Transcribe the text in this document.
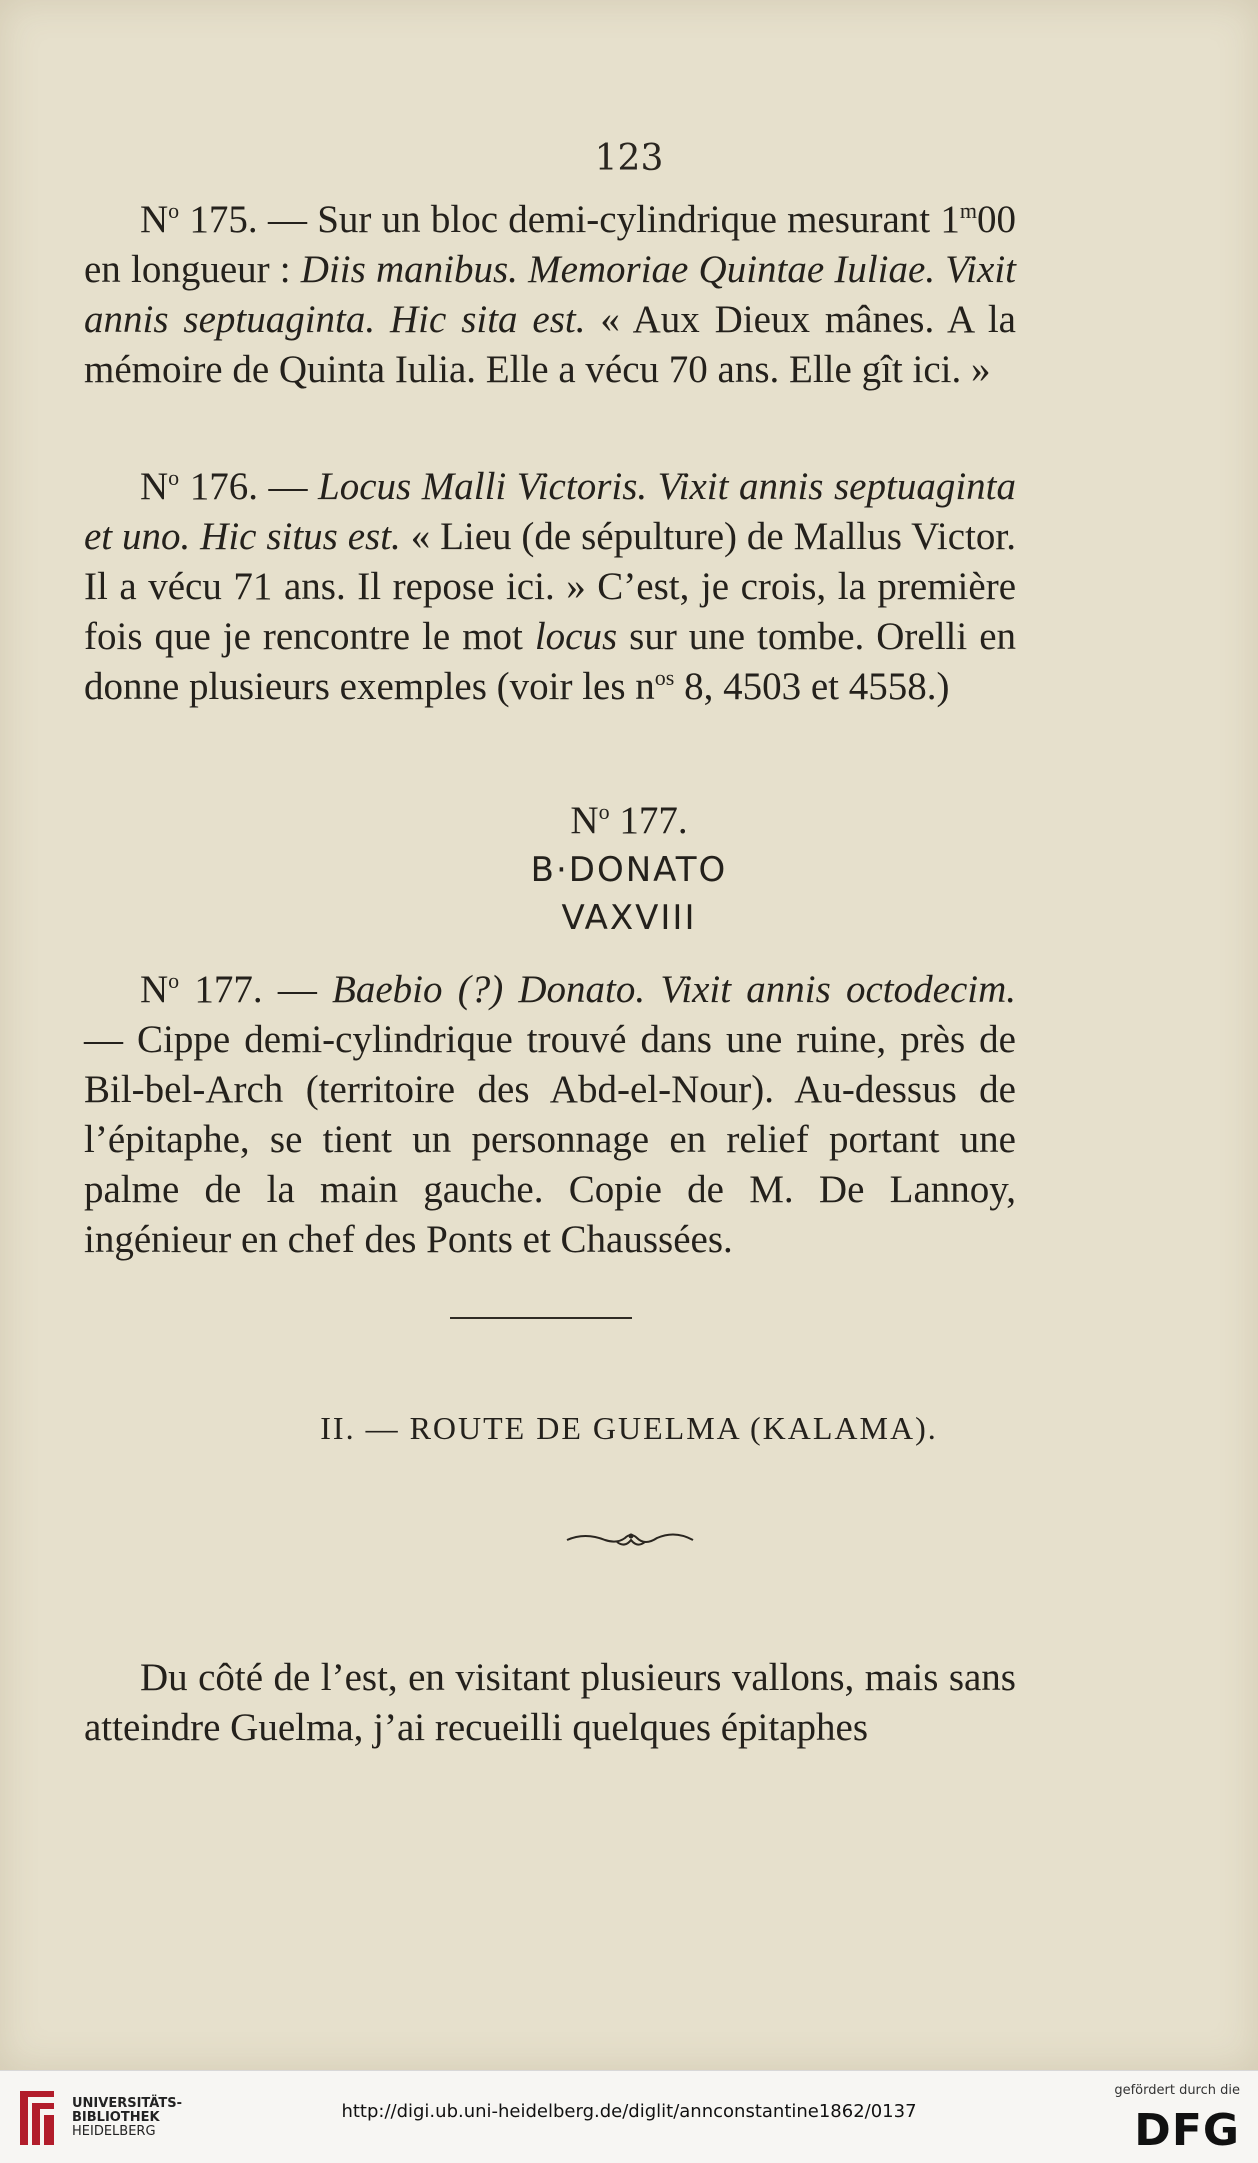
123

$N^o$ 175. — Sur un bloc demi-cylindrique mesurant 1$^m$00 en longueur : Diis manibus. Memoriae Quintae Iuliae. Vixit annis septuaginta. Hic sita est. « Aux Dieux mânes. A la mémoire de Quinta Iulia. Elle a vécu 70 ans. Elle gît ici. »

$N^o$ 176. — Locus Malli Victoris. Vixit annis septuaginta et uno. Hic situs est. « Lieu (de sépulture) de Mallus Victor. Il a vécu 71 ans. Il repose ici. » C’est, je crois, la première fois que je rencontre le mot locus sur une tombe. Orelli en donne plusieurs exemples (voir les $n^{os}$ 8, 4503 et 4558.)

$N^o$ 177.
B·DONATO
VAXVIII

$N^o$ 177. — Baebio (?) Donato. Vixit annis octodecim. — Cippe demi-cylindrique trouvé dans une ruine, près de Bil-bel-Arch (territoire des Abd-el-Nour). Au-dessus de l’épitaphe, se tient un personnage en relief portant une palme de la main gauche. Copie de M. De Lannoy, ingénieur en chef des Ponts et Chaussées.

II. — ROUTE DE GUELMA (KALAMA).

Du côté de l’est, en visitant plusieurs vallons, mais sans atteindre Guelma, j’ai recueilli quelques épitaphes

UNIVERSITÄTS-
BIBLIOTHEK
HEIDELBERG
http://digi.ub.uni-heidelberg.de/diglit/annconstantine1862/0137
gefördert durch die
DFG
